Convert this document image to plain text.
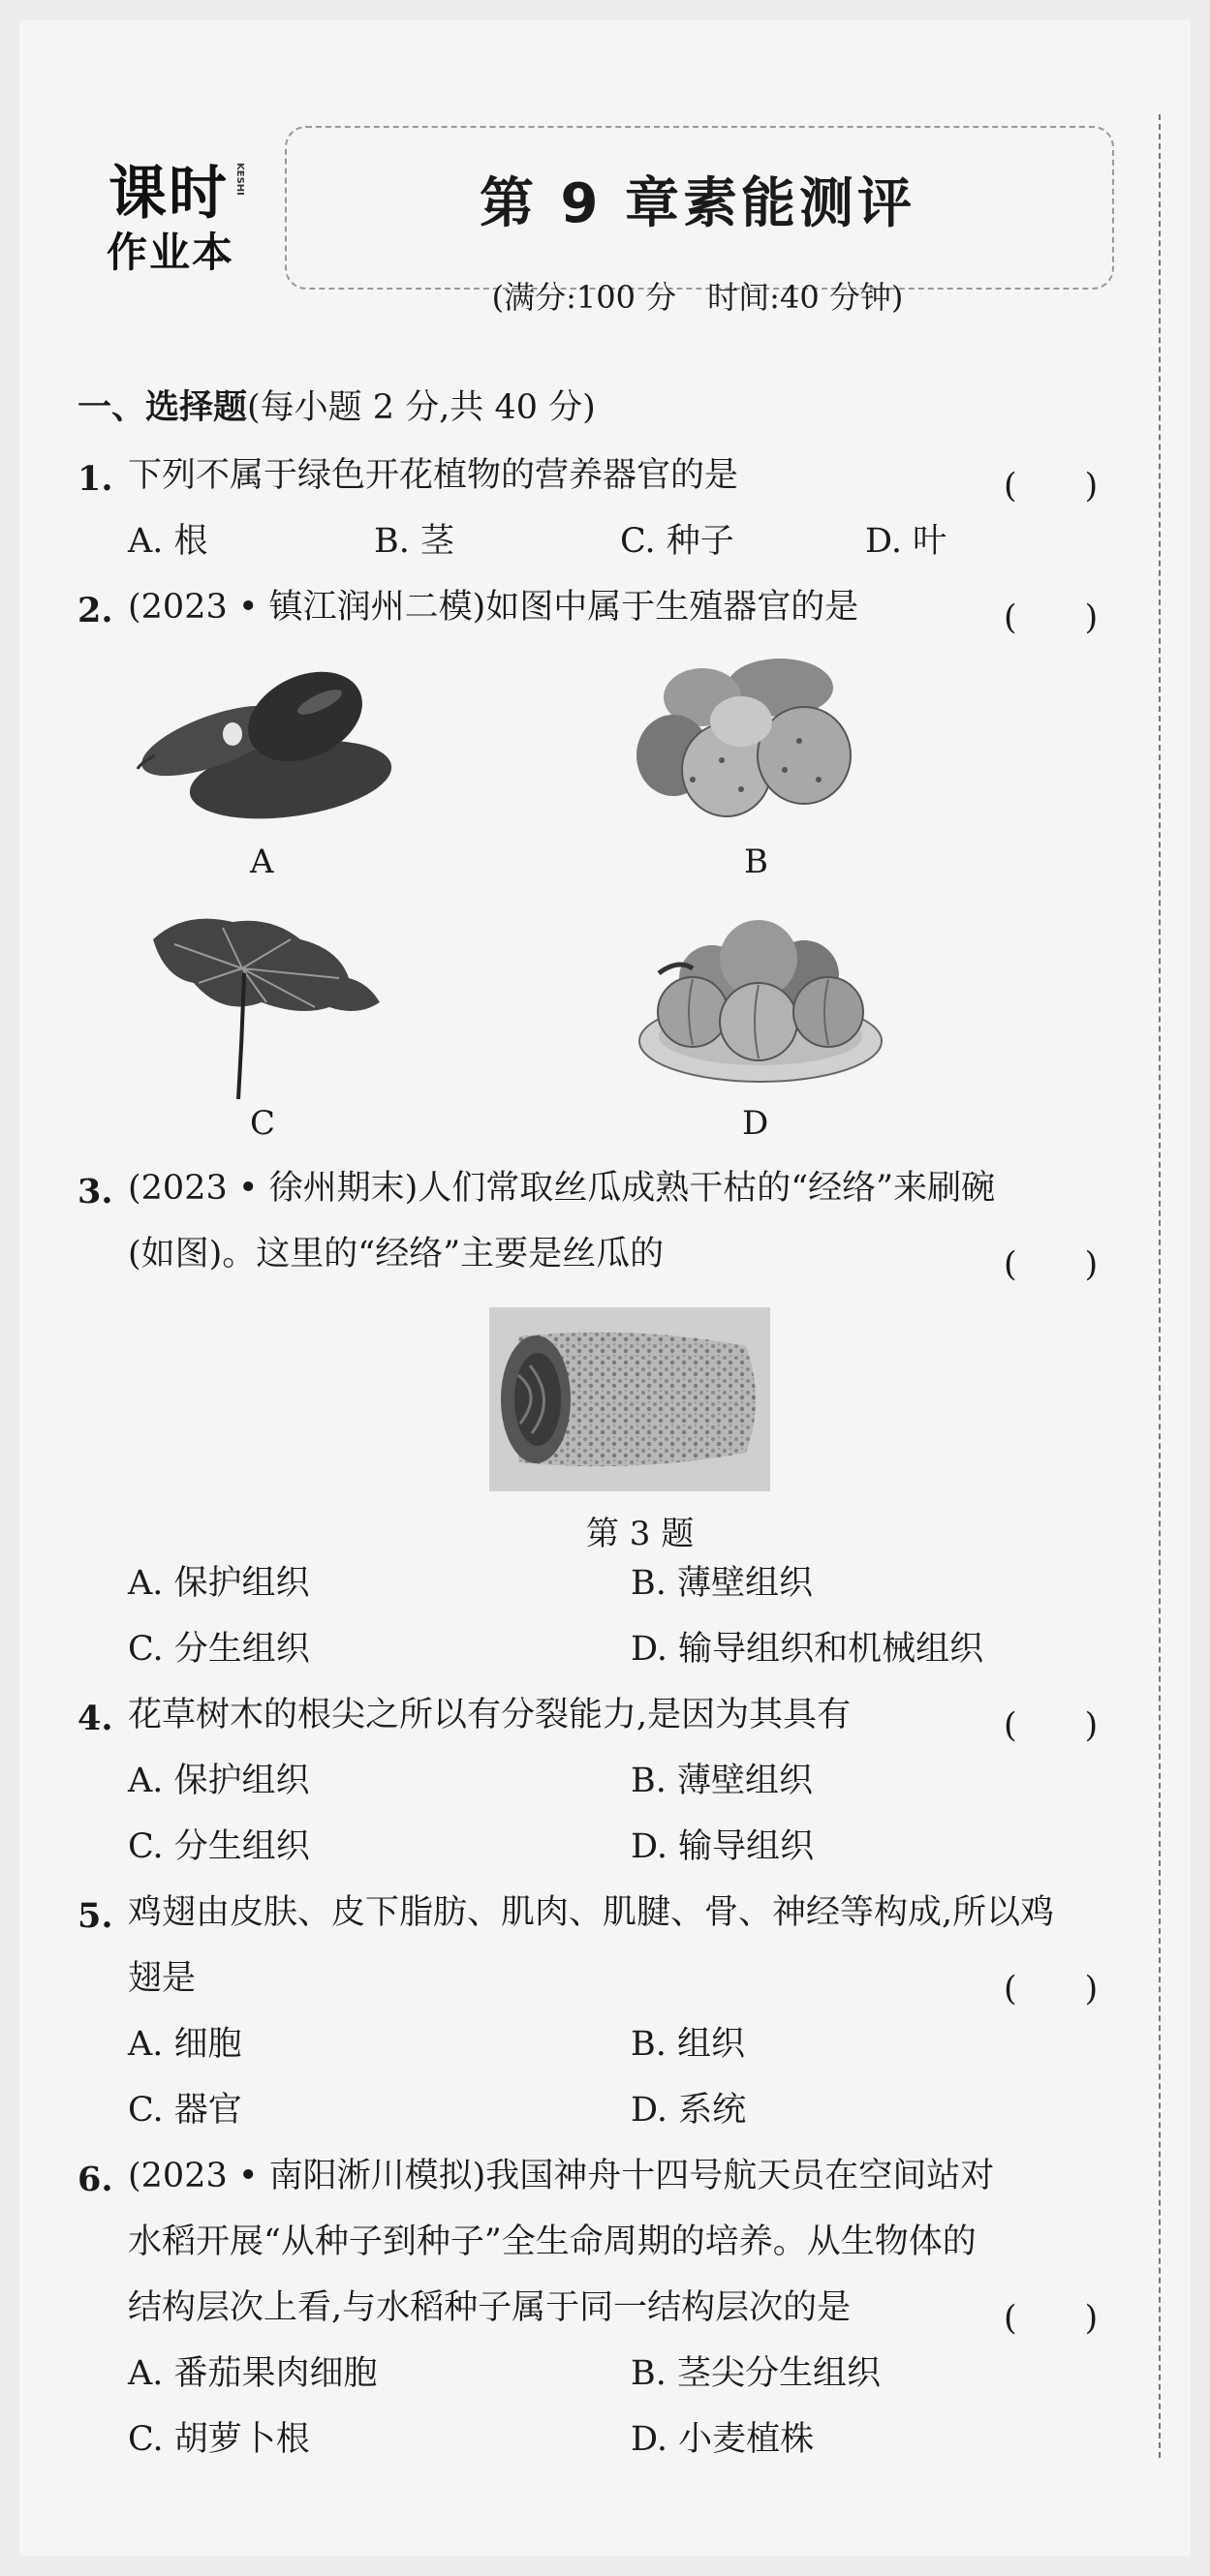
课时 KESHI
作业本
第 9 章素能测评
(满分:100 分　时间:40 分钟)
一、选择题(每小题 2 分,共 40 分)
1. 下列不属于绿色开花植物的营养器官的是	(　　)
A. 根	B. 茎	C. 种子	D. 叶
2. (2023 • 镇江润州二模)如图中属于生殖器官的是	(　　)
A	B
C	D
3. (2023 • 徐州期末)人们常取丝瓜成熟干枯的“经络”来刷碗
(如图)。这里的“经络”主要是丝瓜的	(　　)
第 3 题
A. 保护组织	B. 薄壁组织
C. 分生组织	D. 输导组织和机械组织
4. 花草树木的根尖之所以有分裂能力,是因为其具有	(　　)
A. 保护组织	B. 薄壁组织
C. 分生组织	D. 输导组织
5. 鸡翅由皮肤、皮下脂肪、肌肉、肌腱、骨、神经等构成,所以鸡
翅是	(　　)
A. 细胞	B. 组织
C. 器官	D. 系统
6. (2023 • 南阳淅川模拟)我国神舟十四号航天员在空间站对
水稻开展“从种子到种子”全生命周期的培养。从生物体的
结构层次上看,与水稻种子属于同一结构层次的是	(　　)
A. 番茄果肉细胞	B. 茎尖分生组织
C. 胡萝卜根	D. 小麦植株
